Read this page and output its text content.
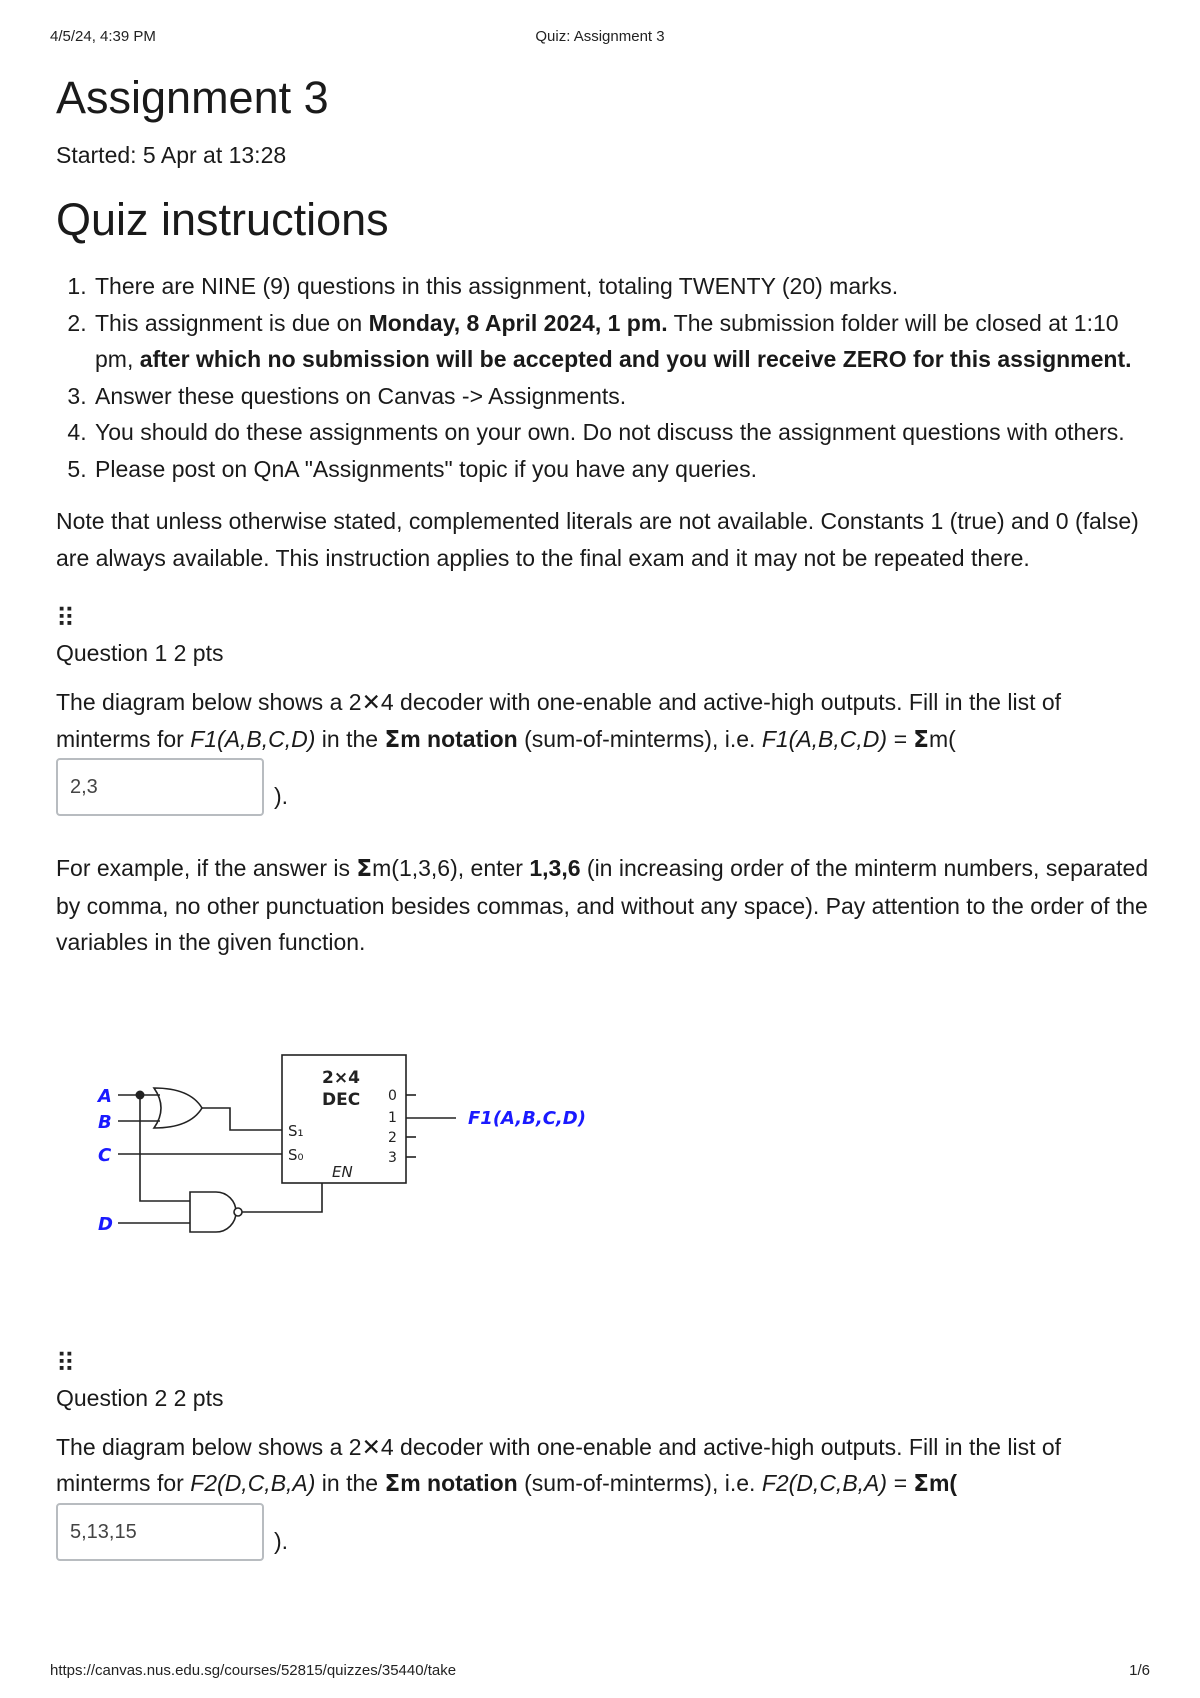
4/5/24, 4:39 PM	Quiz: Assignment 3
Assignment 3
Started: 5 Apr at 13:28
Quiz instructions
1. There are NINE (9) questions in this assignment, totaling TWENTY (20) marks.
2. This assignment is due on Monday, 8 April 2024, 1 pm. The submission folder will be closed at 1:10 pm, after which no submission will be accepted and you will receive ZERO for this assignment.
3. Answer these questions on Canvas -> Assignments.
4. You should do these assignments on your own. Do not discuss the assignment questions with others.
5. Please post on QnA "Assignments" topic if you have any queries.
Note that unless otherwise stated, complemented literals are not available. Constants 1 (true) and 0 (false) are always available. This instruction applies to the final exam and it may not be repeated there.
⠿
Question 1 2 pts
The diagram below shows a 2✕4 decoder with one-enable and active-high outputs. Fill in the list of minterms for F1(A,B,C,D) in the Σm notation (sum-of-minterms), i.e. F1(A,B,C,D) = Σm(
2,3	).
For example, if the answer is Σm(1,3,6), enter 1,3,6 (in increasing order of the minterm numbers, separated by comma, no other punctuation besides commas, and without any space). Pay attention to the order of the variables in the given function.
A
B
C
D
F1(A,B,C,D)
2×4
DEC
S₁
S₀
EN
0
1
2
3
⠿
Question 2 2 pts
The diagram below shows a 2✕4 decoder with one-enable and active-high outputs. Fill in the list of minterms for F2(D,C,B,A) in the Σm notation (sum-of-minterms), i.e. F2(D,C,B,A) = Σm(
5,13,15	).
https://canvas.nus.edu.sg/courses/52815/quizzes/35440/take	1/6
